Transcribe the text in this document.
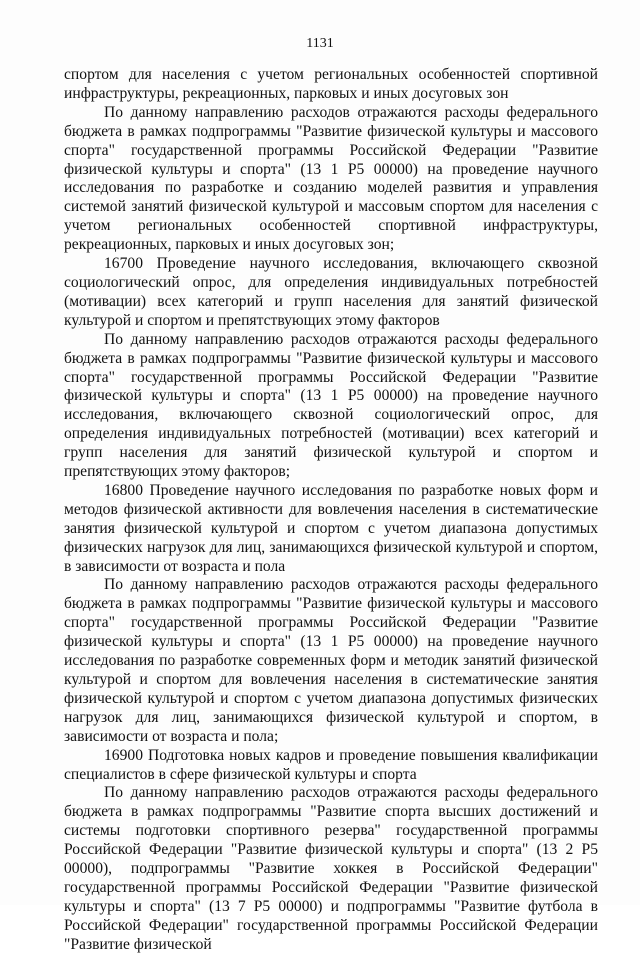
1131

спортом для населения с учетом региональных особенностей спортивной инфраструктуры, рекреационных, парковых и иных досуговых зон

По данному направлению расходов отражаются расходы федерального бюджета в рамках подпрограммы "Развитие физической культуры и массового спорта" государственной программы Российской Федерации "Развитие физической культуры и спорта" (13 1 P5 00000) на проведение научного исследования по разработке и созданию моделей развития и управления системой занятий физической культурой и массовым спортом для населения с учетом региональных особенностей спортивной инфраструктуры, рекреационных, парковых и иных досуговых зон;

16700 Проведение научного исследования, включающего сквозной социологический опрос, для определения индивидуальных потребностей (мотивации) всех категорий и групп населения для занятий физической культурой и спортом и препятствующих этому факторов

По данному направлению расходов отражаются расходы федерального бюджета в рамках подпрограммы "Развитие физической культуры и массового спорта" государственной программы Российской Федерации "Развитие физической культуры и спорта" (13 1 P5 00000) на проведение научного исследования, включающего сквозной социологический опрос, для определения индивидуальных потребностей (мотивации) всех категорий и групп населения для занятий физической культурой и спортом и препятствующих этому факторов;

16800 Проведение научного исследования по разработке новых форм и методов физической активности для вовлечения населения в систематические занятия физической культурой и спортом с учетом диапазона допустимых физических нагрузок для лиц, занимающихся физической культурой и спортом, в зависимости от возраста и пола

По данному направлению расходов отражаются расходы федерального бюджета в рамках подпрограммы "Развитие физической культуры и массового спорта" государственной программы Российской Федерации "Развитие физической культуры и спорта" (13 1 P5 00000) на проведение научного исследования по разработке современных форм и методик занятий физической культурой и спортом для вовлечения населения в систематические занятия физической культурой и спортом с учетом диапазона допустимых физических нагрузок для лиц, занимающихся физической культурой и спортом, в зависимости от возраста и пола;

16900 Подготовка новых кадров и проведение повышения квалификации специалистов в сфере физической культуры и спорта

По данному направлению расходов отражаются расходы федерального бюджета в рамках подпрограммы "Развитие спорта высших достижений и системы подготовки спортивного резерва" государственной программы Российской Федерации "Развитие физической культуры и спорта" (13 2 P5 00000), подпрограммы "Развитие хоккея в Российской Федерации" государственной программы Российской Федерации "Развитие физической культуры и спорта" (13 7 P5 00000) и подпрограммы "Развитие футбола в Российской Федерации" государственной программы Российской Федерации "Развитие физической
